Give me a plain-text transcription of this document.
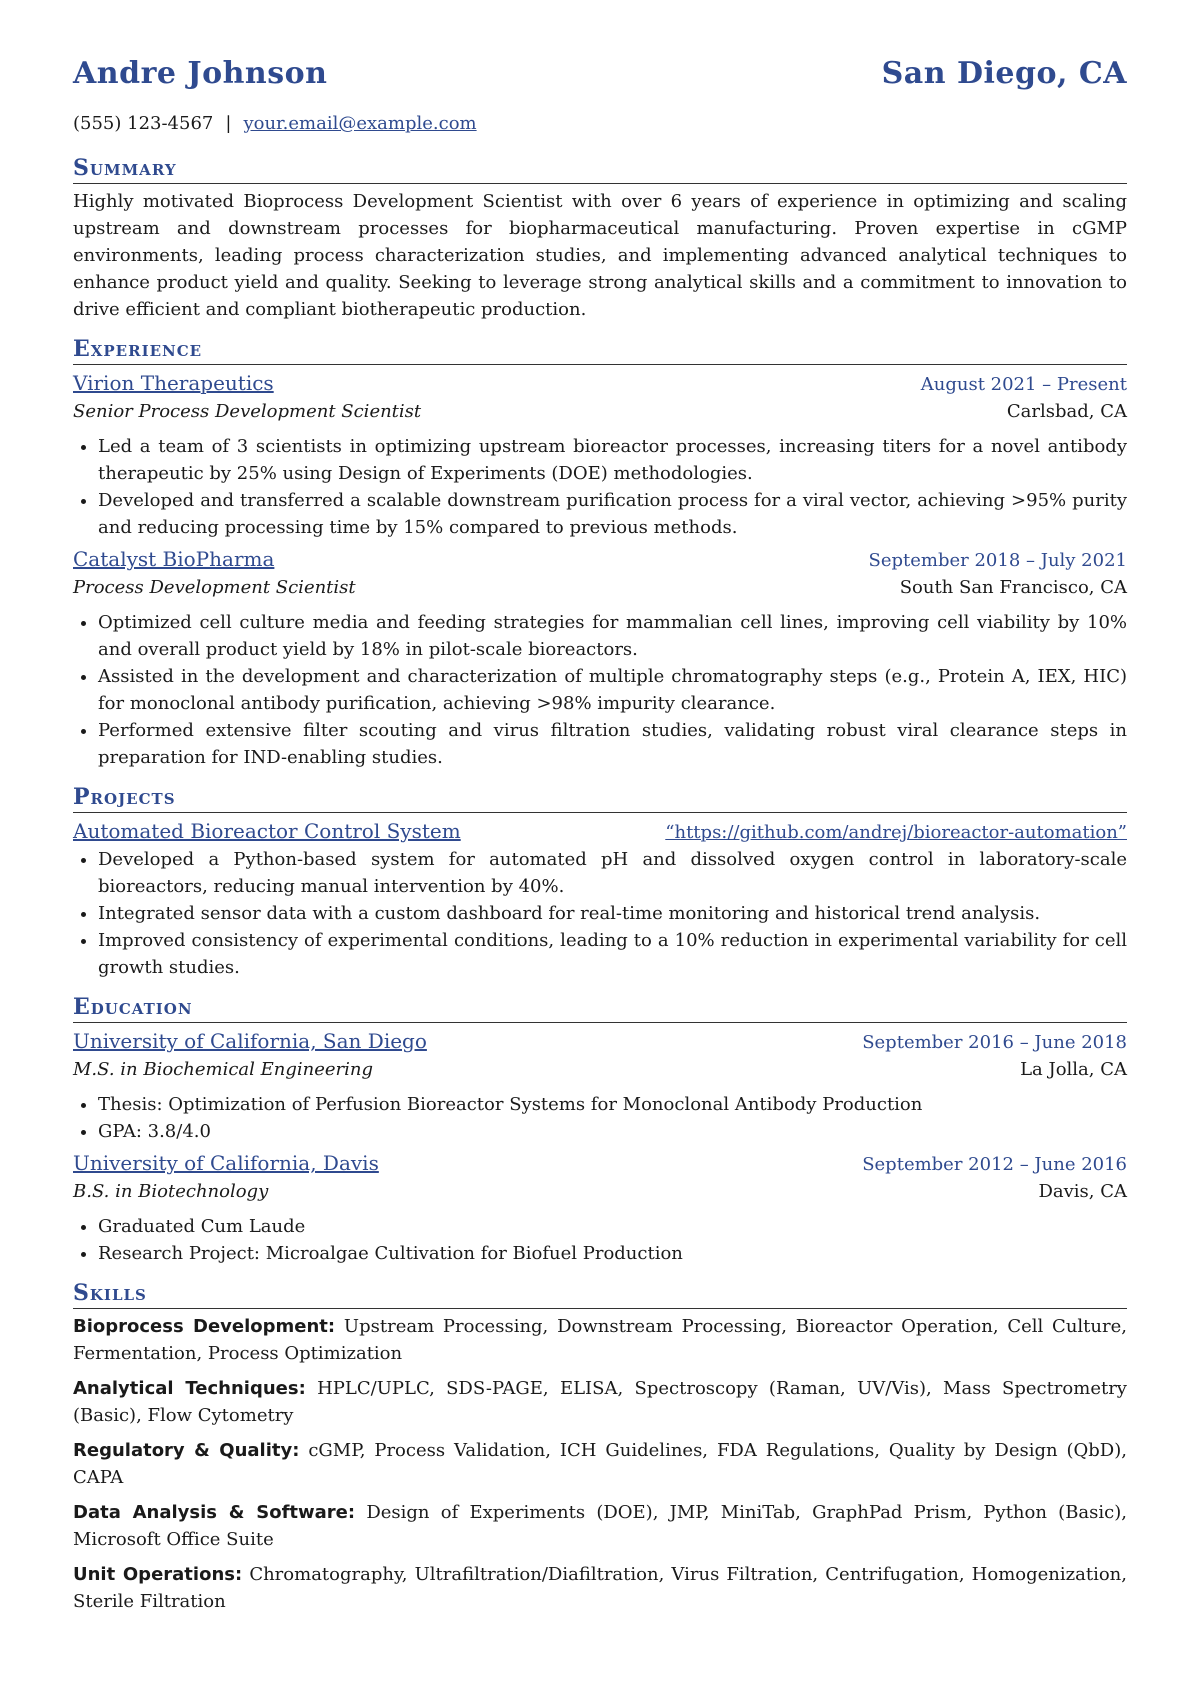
Andre Johnson	San Diego, CA
(555) 123-4567 | your.email@example.com
Summary
Highly motivated Bioprocess Development Scientist with over 6 years of experience in optimizing and scaling upstream and downstream processes for biopharmaceutical manufacturing. Proven expertise in cGMP environments, leading process characterization studies, and implementing advanced analytical techniques to enhance product yield and quality. Seeking to leverage strong analytical skills and a commitment to innovation to drive efficient and compliant biotherapeutic production.
Experience
Virion Therapeutics	August 2021 – Present
Senior Process Development Scientist	Carlsbad, CA
• Led a team of 3 scientists in optimizing upstream bioreactor processes, increasing titers for a novel antibody therapeutic by 25% using Design of Experiments (DOE) methodologies.
• Developed and transferred a scalable downstream purification process for a viral vector, achieving >95% purity and reducing processing time by 15% compared to previous methods.
Catalyst BioPharma	September 2018 – July 2021
Process Development Scientist	South San Francisco, CA
• Optimized cell culture media and feeding strategies for mammalian cell lines, improving cell viability by 10% and overall product yield by 18% in pilot-scale bioreactors.
• Assisted in the development and characterization of multiple chromatography steps (e.g., Protein A, IEX, HIC) for monoclonal antibody purification, achieving >98% impurity clearance.
• Performed extensive filter scouting and virus filtration studies, validating robust viral clearance steps in preparation for IND-enabling studies.
Projects
Automated Bioreactor Control System	“https://github.com/andrej/bioreactor-automation”
• Developed a Python-based system for automated pH and dissolved oxygen control in laboratory-scale bioreactors, reducing manual intervention by 40%.
• Integrated sensor data with a custom dashboard for real-time monitoring and historical trend analysis.
• Improved consistency of experimental conditions, leading to a 10% reduction in experimental variability for cell growth studies.
Education
University of California, San Diego	September 2016 – June 2018
M.S. in Biochemical Engineering	La Jolla, CA
• Thesis: Optimization of Perfusion Bioreactor Systems for Monoclonal Antibody Production
• GPA: 3.8/4.0
University of California, Davis	September 2012 – June 2016
B.S. in Biotechnology	Davis, CA
• Graduated Cum Laude
• Research Project: Microalgae Cultivation for Biofuel Production
Skills
Bioprocess Development: Upstream Processing, Downstream Processing, Bioreactor Operation, Cell Culture, Fermentation, Process Optimization
Analytical Techniques: HPLC/UPLC, SDS-PAGE, ELISA, Spectroscopy (Raman, UV/Vis), Mass Spectrometry (Basic), Flow Cytometry
Regulatory & Quality: cGMP, Process Validation, ICH Guidelines, FDA Regulations, Quality by Design (QbD), CAPA
Data Analysis & Software: Design of Experiments (DOE), JMP, MiniTab, GraphPad Prism, Python (Basic), Microsoft Office Suite
Unit Operations: Chromatography, Ultrafiltration/Diafiltration, Virus Filtration, Centrifugation, Homogenization, Sterile Filtration
